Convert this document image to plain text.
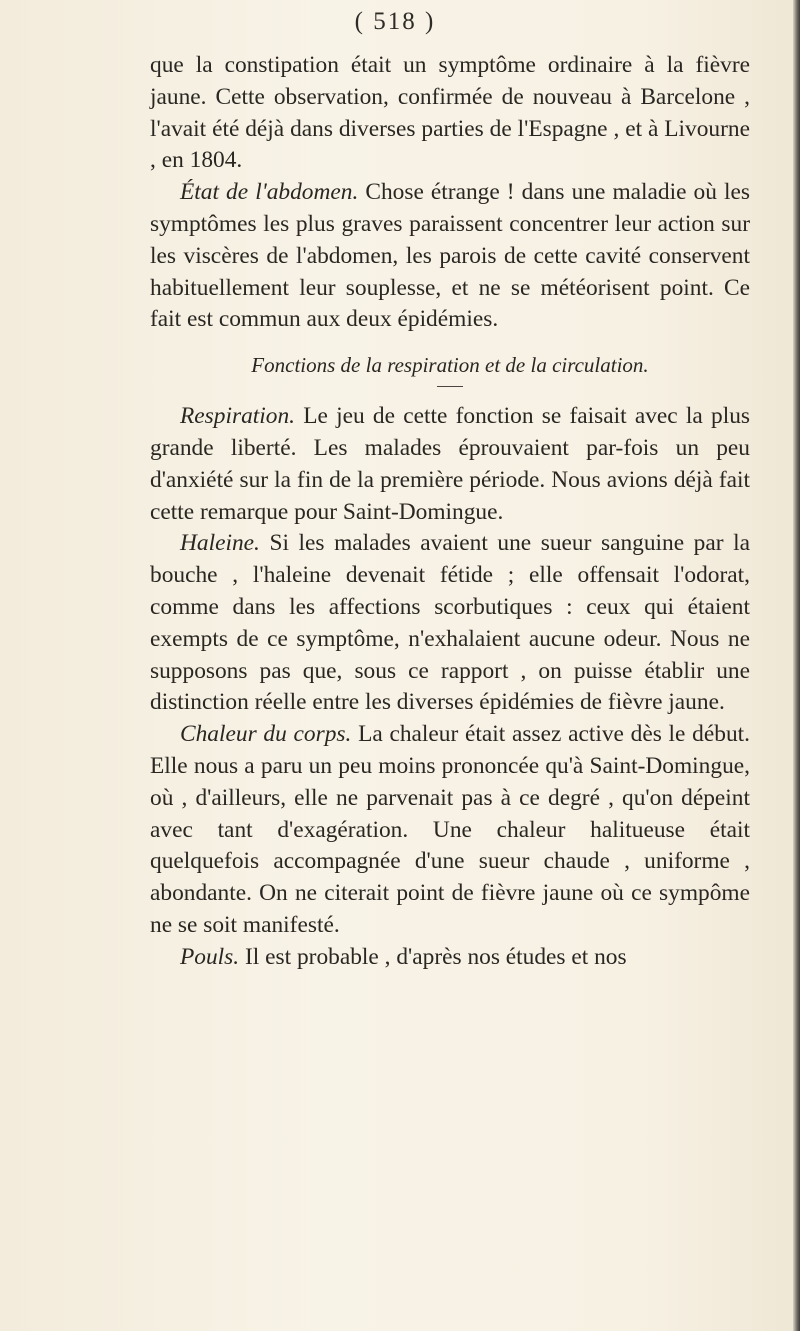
( 518 )

que la constipation était un symptôme ordinaire à la fièvre jaune. Cette observation, confirmée de nouveau à Barcelone , l'avait été déjà dans diverses parties de l'Espagne , et à Livourne , en 1804.

État de l'abdomen. Chose étrange ! dans une maladie où les symptômes les plus graves paraissent concentrer leur action sur les viscères de l'abdomen, les parois de cette cavité conservent habituellement leur souplesse, et ne se météorisent point. Ce fait est commun aux deux épidémies.

Fonctions de la respiration et de la circulation.

Respiration. Le jeu de cette fonction se faisait avec la plus grande liberté. Les malades éprouvaient par-fois un peu d'anxiété sur la fin de la première période. Nous avions déjà fait cette remarque pour Saint-Domingue.

Haleine. Si les malades avaient une sueur sanguine par la bouche , l'haleine devenait fétide ; elle offensait l'odorat, comme dans les affections scorbutiques : ceux qui étaient exempts de ce symptôme, n'exhalaient aucune odeur. Nous ne supposons pas que, sous ce rapport , on puisse établir une distinction réelle entre les diverses épidémies de fièvre jaune.

Chaleur du corps. La chaleur était assez active dès le début. Elle nous a paru un peu moins prononcée qu'à Saint-Domingue, où , d'ailleurs, elle ne parvenait pas à ce degré , qu'on dépeint avec tant d'exagération. Une chaleur halitueuse était quelquefois accompagnée d'une sueur chaude , uniforme , abondante. On ne citerait point de fièvre jaune où ce sympôme ne se soit manifesté.

Pouls. Il est probable , d'après nos études et nos
